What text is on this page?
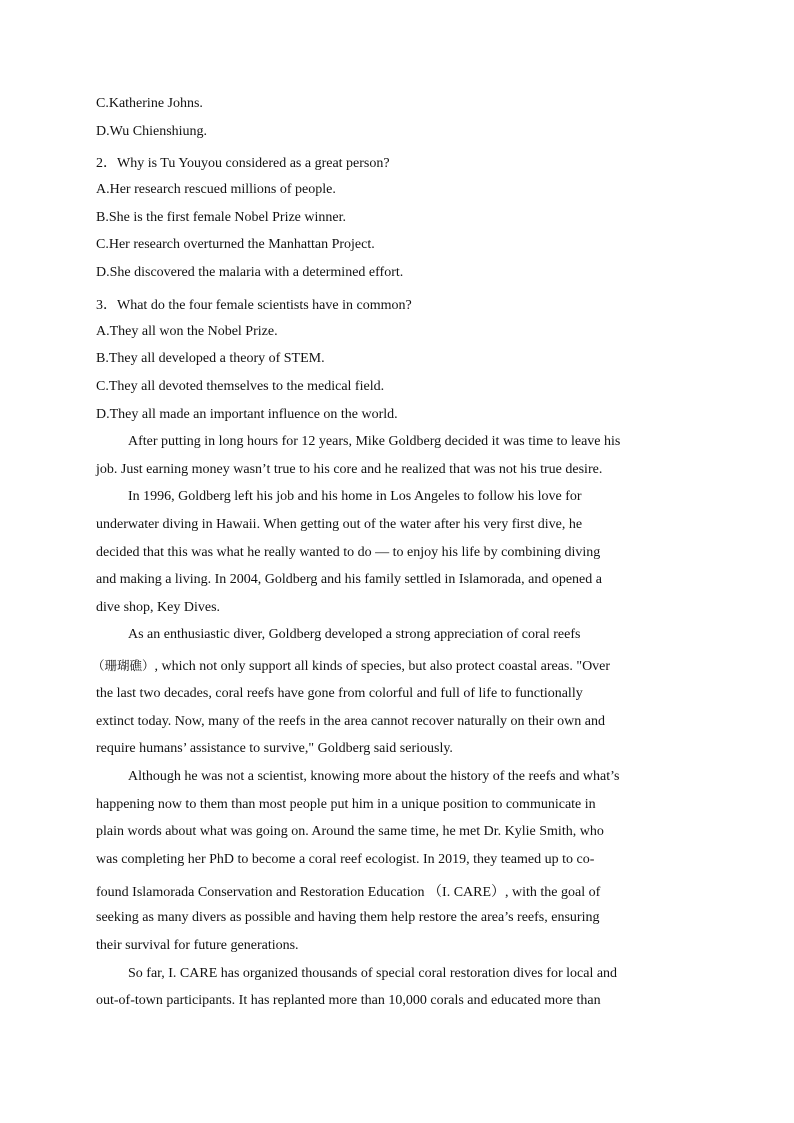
C.Katherine Johns.
D.Wu Chienshiung.
2．Why is Tu Youyou considered as a great person?
A.Her research rescued millions of people.
B.She is the first female Nobel Prize winner.
C.Her research overturned the Manhattan Project.
D.She discovered the malaria with a determined effort.
3．What do the four female scientists have in common?
A.They all won the Nobel Prize.
B.They all developed a theory of STEM.
C.They all devoted themselves to the medical field.
D.They all made an important influence on the world.
After putting in long hours for 12 years, Mike Goldberg decided it was time to leave his
job. Just earning money wasn’t true to his core and he realized that was not his true desire.
In 1996, Goldberg left his job and his home in Los Angeles to follow his love for
underwater diving in Hawaii. When getting out of the water after his very first dive, he
decided that this was what he really wanted to do — to enjoy his life by combining diving
and making a living. In 2004, Goldberg and his family settled in Islamorada, and opened a
dive shop, Key Dives.
As an enthusiastic diver, Goldberg developed a strong appreciation of coral reefs
（珊瑚礁）, which not only support all kinds of species, but also protect coastal areas. "Over
the last two decades, coral reefs have gone from colorful and full of life to functionally
extinct today. Now, many of the reefs in the area cannot recover naturally on their own and
require humans’ assistance to survive," Goldberg said seriously.
Although he was not a scientist, knowing more about the history of the reefs and what’s
happening now to them than most people put him in a unique position to communicate in
plain words about what was going on. Around the same time, he met Dr. Kylie Smith, who
was completing her PhD to become a coral reef ecologist. In 2019, they teamed up to co-
found Islamorada Conservation and Restoration Education （I. CARE）, with the goal of
seeking as many divers as possible and having them help restore the area’s reefs, ensuring
their survival for future generations.
So far, I. CARE has organized thousands of special coral restoration dives for local and
out-of-town participants. It has replanted more than 10,000 corals and educated more than
